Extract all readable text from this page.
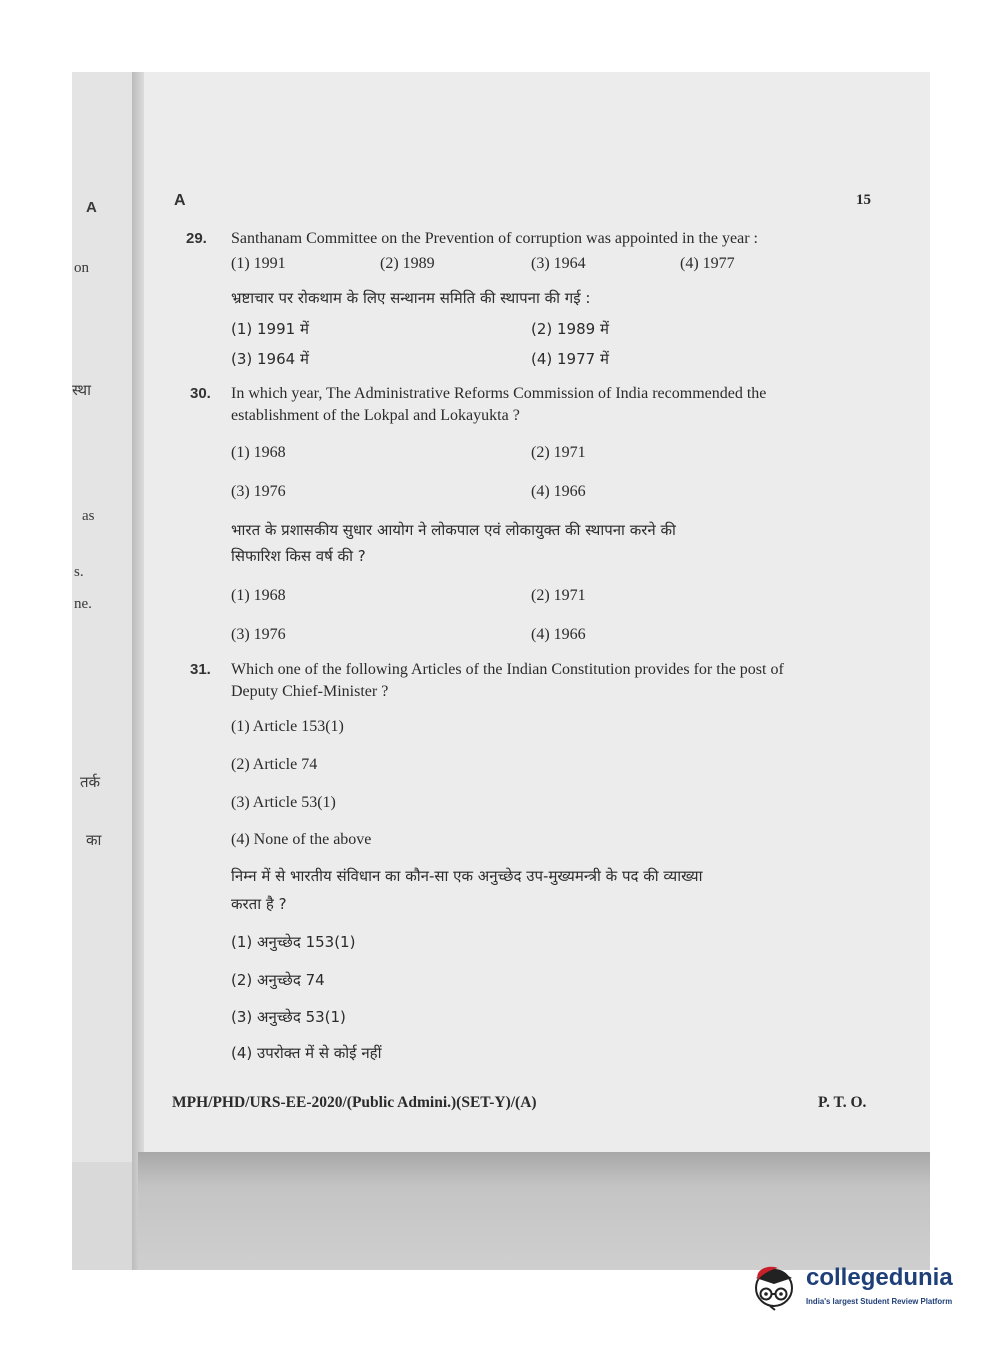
A
on
स्था
as
s.
ne.
तर्क
का
A	15
29. Santhanam Committee on the Prevention of corruption was appointed in the year :
(1) 1991	(2) 1989	(3) 1964	(4) 1977
भ्रष्टाचार पर रोकथाम के लिए सन्थानम समिति की स्थापना की गई :
(1) 1991 में	(2) 1989 में
(3) 1964 में	(4) 1977 में
30. In which year, The Administrative Reforms Commission of India recommended the
establishment of the Lokpal and Lokayukta ?
(1) 1968	(2) 1971
(3) 1976	(4) 1966
भारत के प्रशासकीय सुधार आयोग ने लोकपाल एवं लोकायुक्त की स्थापना करने की
सिफारिश किस वर्ष की ?
(1) 1968	(2) 1971
(3) 1976	(4) 1966
31. Which one of the following Articles of the Indian Constitution provides for the post of
Deputy Chief-Minister ?
(1) Article 153(1)
(2) Article 74
(3) Article 53(1)
(4) None of the above
निम्न में से भारतीय संविधान का कौन-सा एक अनुच्छेद उप-मुख्यमन्त्री के पद की व्याख्या
करता है ?
(1) अनुच्छेद 153(1)
(2) अनुच्छेद 74
(3) अनुच्छेद 53(1)
(4) उपरोक्त में से कोई नहीं
MPH/PHD/URS-EE-2020/(Public Admini.)(SET-Y)/(A)	P. T. O.
collegedunia
India's largest Student Review Platform
